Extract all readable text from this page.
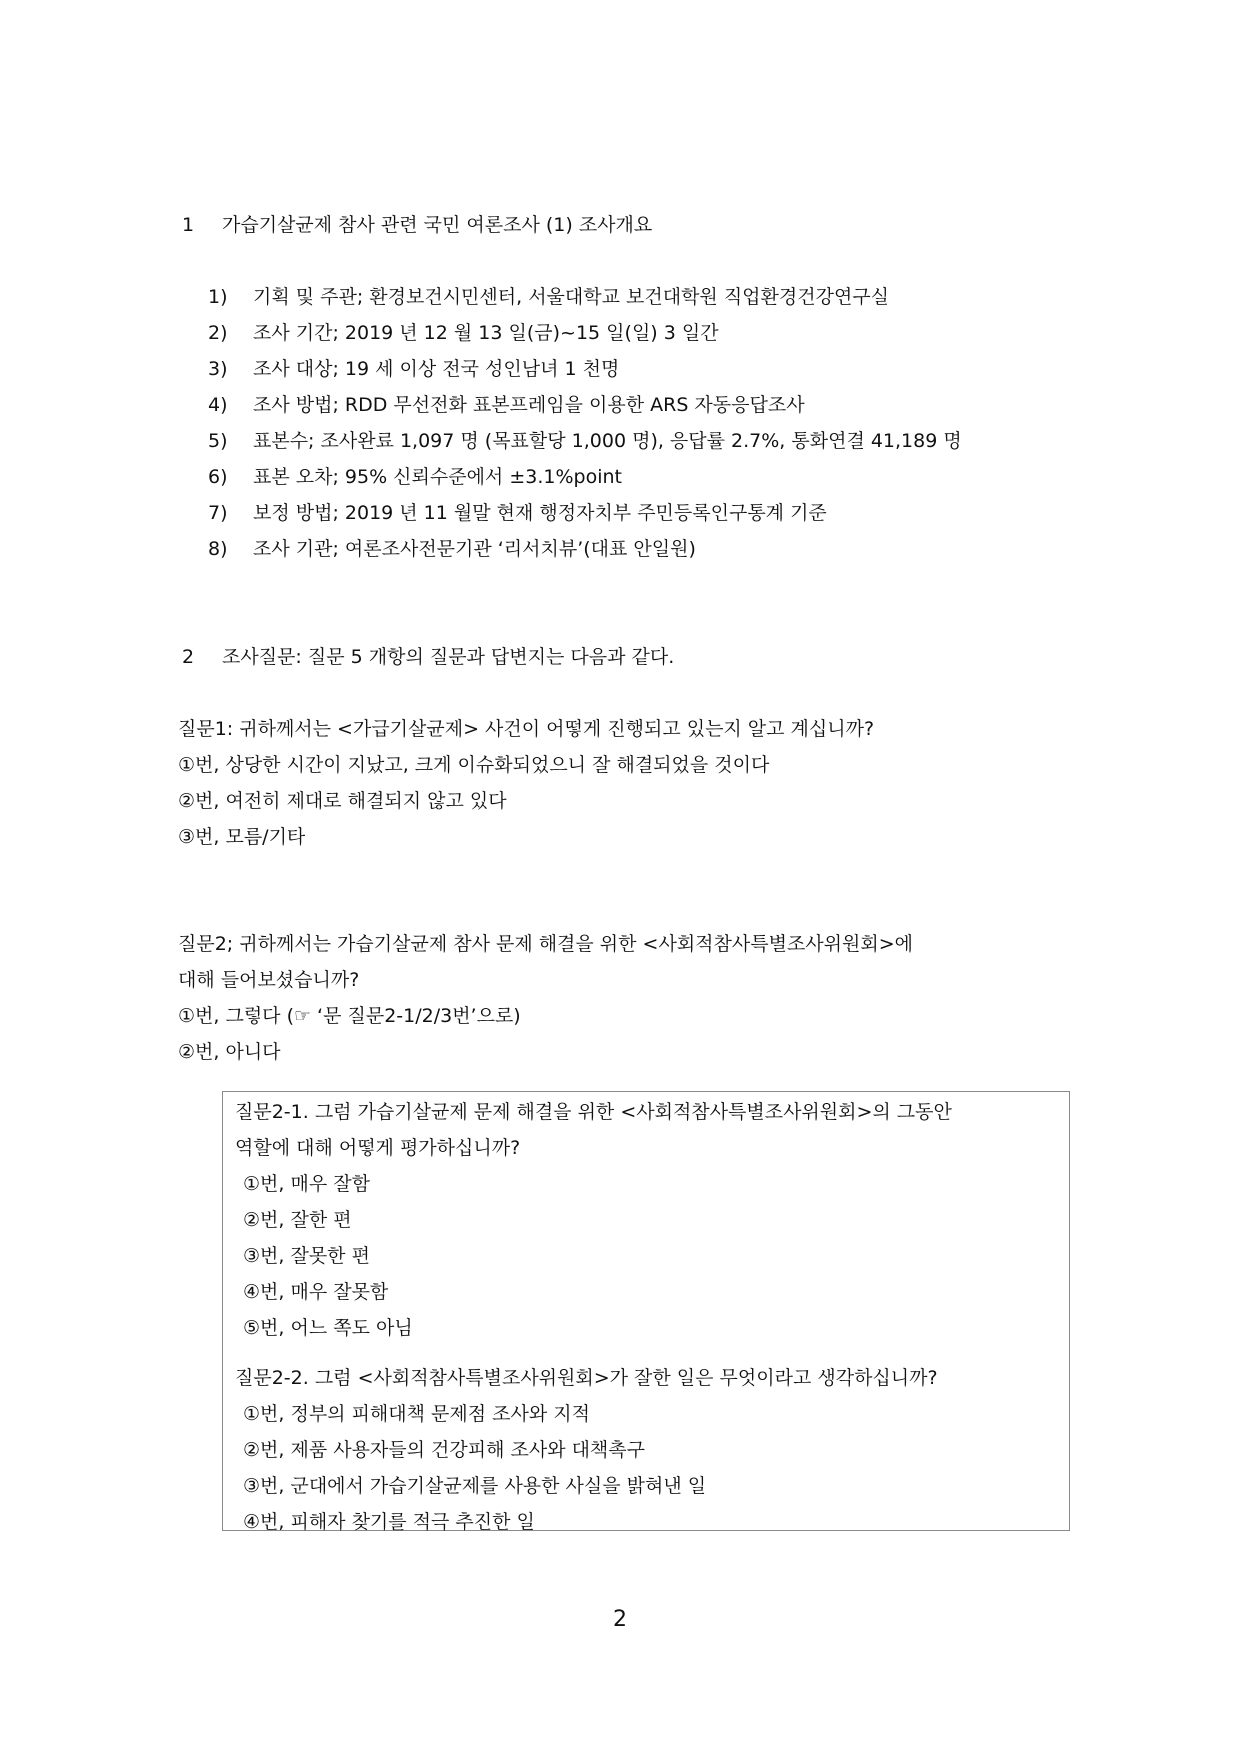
1 가습기살균제 참사 관련 국민 여론조사 (1) 조사개요
1) 기획 및 주관; 환경보건시민센터, 서울대학교 보건대학원 직업환경건강연구실
2) 조사 기간; 2019 년 12 월 13 일(금)~15 일(일) 3 일간
3) 조사 대상; 19 세 이상 전국 성인남녀 1 천명
4) 조사 방법; RDD 무선전화 표본프레임을 이용한 ARS 자동응답조사
5) 표본수; 조사완료 1,097 명 (목표할당 1,000 명), 응답률 2.7%, 통화연결 41,189 명
6) 표본 오차; 95% 신뢰수준에서 ±3.1%point
7) 보정 방법; 2019 년 11 월말 현재 행정자치부 주민등록인구통계 기준
8) 조사 기관; 여론조사전문기관 ‘리서치뷰’(대표 안일원)
2 조사질문: 질문 5 개항의 질문과 답변지는 다음과 같다.
질문1: 귀하께서는 <가급기살균제> 사건이 어떻게 진행되고 있는지 알고 계십니까?
①번, 상당한 시간이 지났고, 크게 이슈화되었으니 잘 해결되었을 것이다
②번, 여전히 제대로 해결되지 않고 있다
③번, 모름/기타
질문2; 귀하께서는 가습기살균제 참사 문제 해결을 위한 <사회적참사특별조사위원회>에
대해 들어보셨습니까?
①번, 그렇다 (☞ ‘문 질문2-1/2/3번’으로)
②번, 아니다
질문2-1. 그럼 가습기살균제 문제 해결을 위한 <사회적참사특별조사위원회>의 그동안
역할에 대해 어떻게 평가하십니까?
①번, 매우 잘함
②번, 잘한 편
③번, 잘못한 편
④번, 매우 잘못함
⑤번, 어느 쪽도 아님
질문2-2. 그럼 <사회적참사특별조사위원회>가 잘한 일은 무엇이라고 생각하십니까?
①번, 정부의 피해대책 문제점 조사와 지적
②번, 제품 사용자들의 건강피해 조사와 대책촉구
③번, 군대에서 가습기살균제를 사용한 사실을 밝혀낸 일
④번, 피해자 찾기를 적극 추진한 일
2
